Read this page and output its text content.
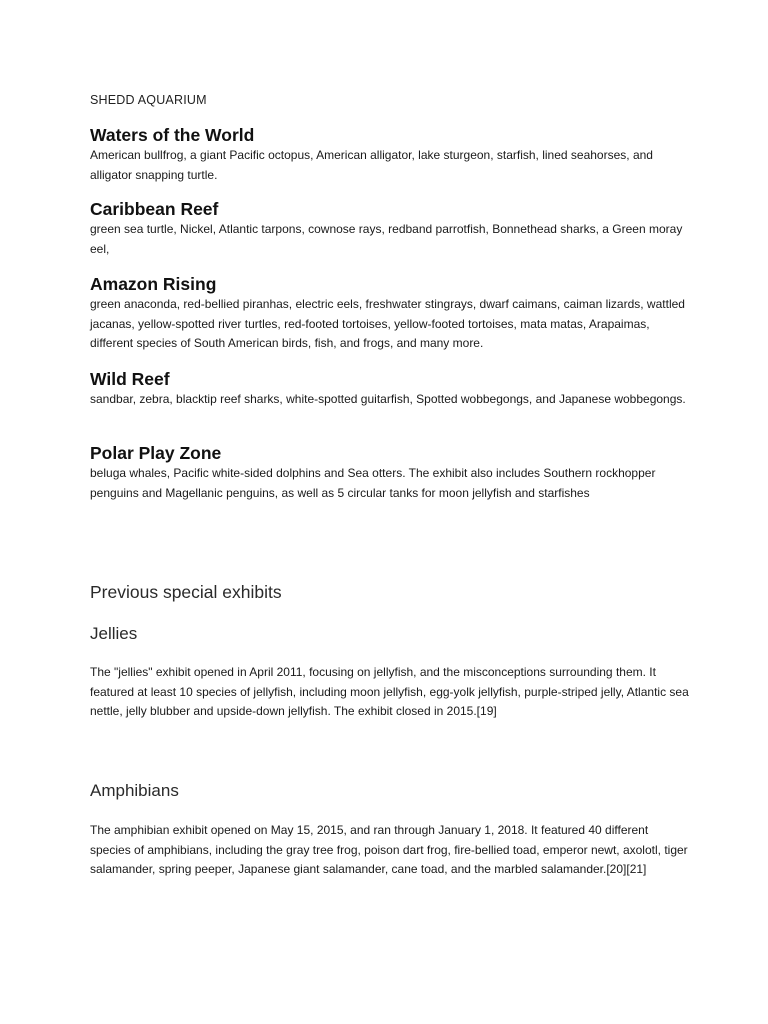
SHEDD AQUARIUM
Waters of the World

American bullfrog, a giant Pacific octopus, American alligator, lake sturgeon, starfish, lined seahorses, and alligator snapping turtle.

Caribbean Reef

green sea turtle, Nickel, Atlantic tarpons, cownose rays, redband parrotfish, Bonnethead sharks, a Green moray eel,

Amazon Rising

green anaconda, red-bellied piranhas, electric eels, freshwater stingrays, dwarf caimans, caiman lizards, wattled jacanas, yellow-spotted river turtles, red-footed tortoises, yellow-footed tortoises, mata matas, Arapaimas, different species of South American birds, fish, and frogs, and many more.

Wild Reef

sandbar, zebra, blacktip reef sharks, white-spotted guitarfish, Spotted wobbegongs, and Japanese wobbegongs.

Polar Play Zone

beluga whales, Pacific white-sided dolphins and Sea otters. The exhibit also includes Southern rockhopper penguins and Magellanic penguins, as well as 5 circular tanks for moon jellyfish and starfishes

Previous special exhibits
Jellies

The "jellies" exhibit opened in April 2011, focusing on jellyfish, and the misconceptions surrounding them. It featured at least 10 species of jellyfish, including moon jellyfish, egg-yolk jellyfish, purple-striped jelly, Atlantic sea nettle, jelly blubber and upside-down jellyfish. The exhibit closed in 2015.[19]

Amphibians

The amphibian exhibit opened on May 15, 2015, and ran through January 1, 2018. It featured 40 different species of amphibians, including the gray tree frog, poison dart frog, fire-bellied toad, emperor newt, axolotl, tiger salamander, spring peeper, Japanese giant salamander, cane toad, and the marbled salamander.[20][21]
